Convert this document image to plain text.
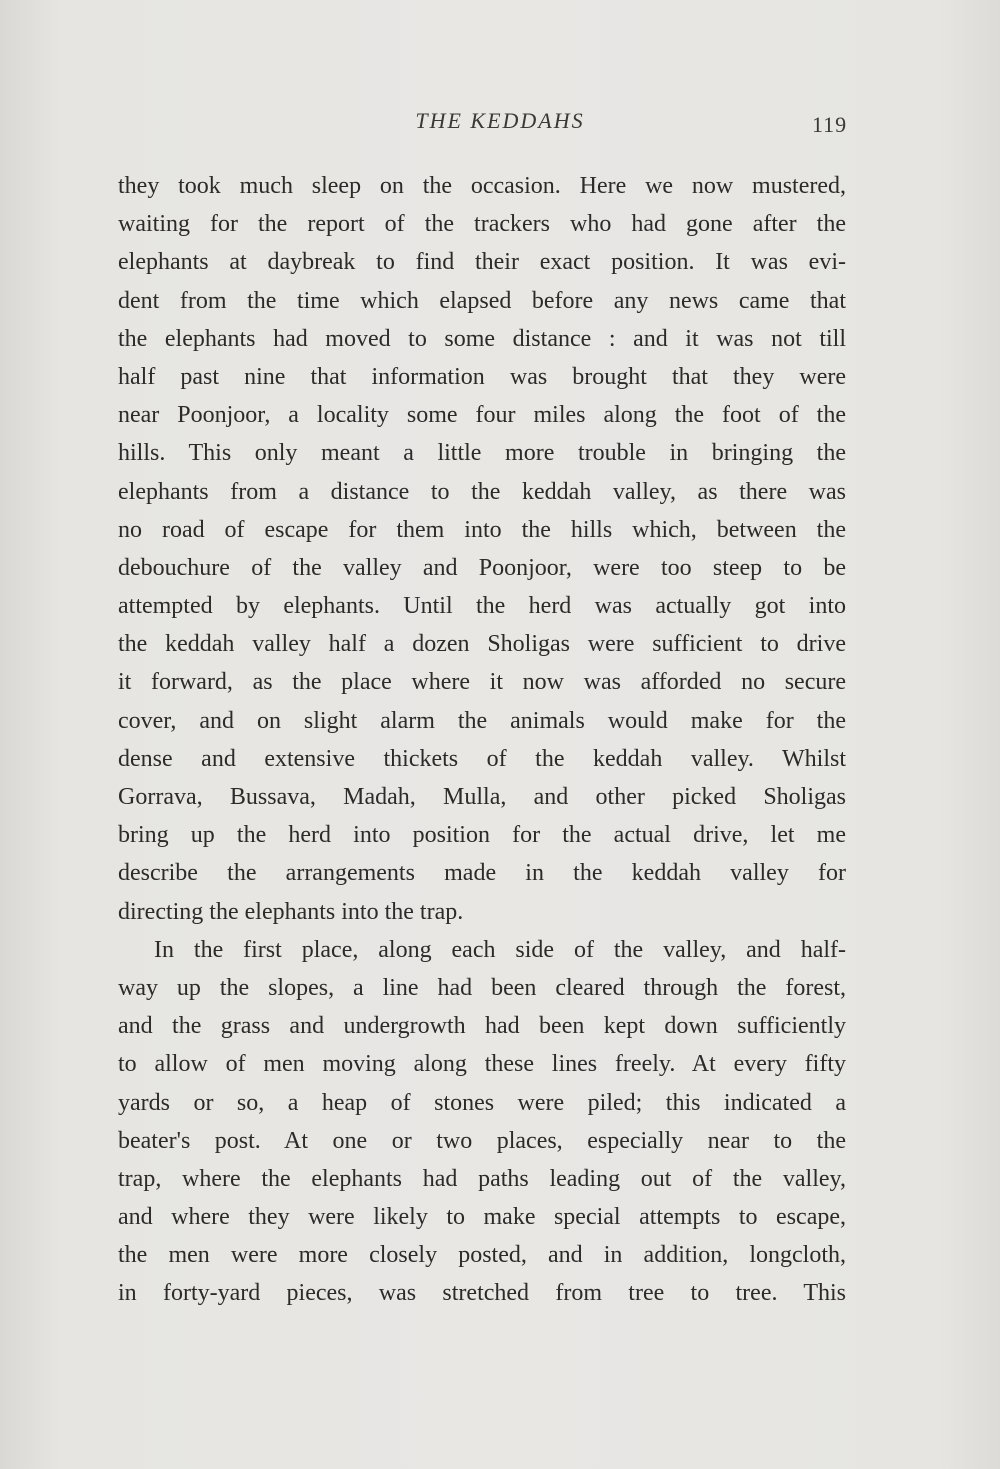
THE KEDDAHS	119
they took much sleep on the occasion. Here we now mustered,
waiting for the report of the trackers who had gone after the
elephants at daybreak to find their exact position. It was evi-
dent from the time which elapsed before any news came that
the elephants had moved to some distance : and it was not till
half past nine that information was brought that they were
near Poonjoor, a locality some four miles along the foot of the
hills. This only meant a little more trouble in bringing the
elephants from a distance to the keddah valley, as there was
no road of escape for them into the hills which, between the
debouchure of the valley and Poonjoor, were too steep to be
attempted by elephants. Until the herd was actually got into
the keddah valley half a dozen Sholigas were sufficient to drive
it forward, as the place where it now was afforded no secure
cover, and on slight alarm the animals would make for the
dense and extensive thickets of the keddah valley. Whilst
Gorrava, Bussava, Madah, Mulla, and other picked Sholigas
bring up the herd into position for the actual drive, let me
describe the arrangements made in the keddah valley for
directing the elephants into the trap.
In the first place, along each side of the valley, and half-
way up the slopes, a line had been cleared through the forest,
and the grass and undergrowth had been kept down sufficiently
to allow of men moving along these lines freely. At every fifty
yards or so, a heap of stones were piled; this indicated a
beater's post. At one or two places, especially near to the
trap, where the elephants had paths leading out of the valley,
and where they were likely to make special attempts to escape,
the men were more closely posted, and in addition, longcloth,
in forty-yard pieces, was stretched from tree to tree. This
